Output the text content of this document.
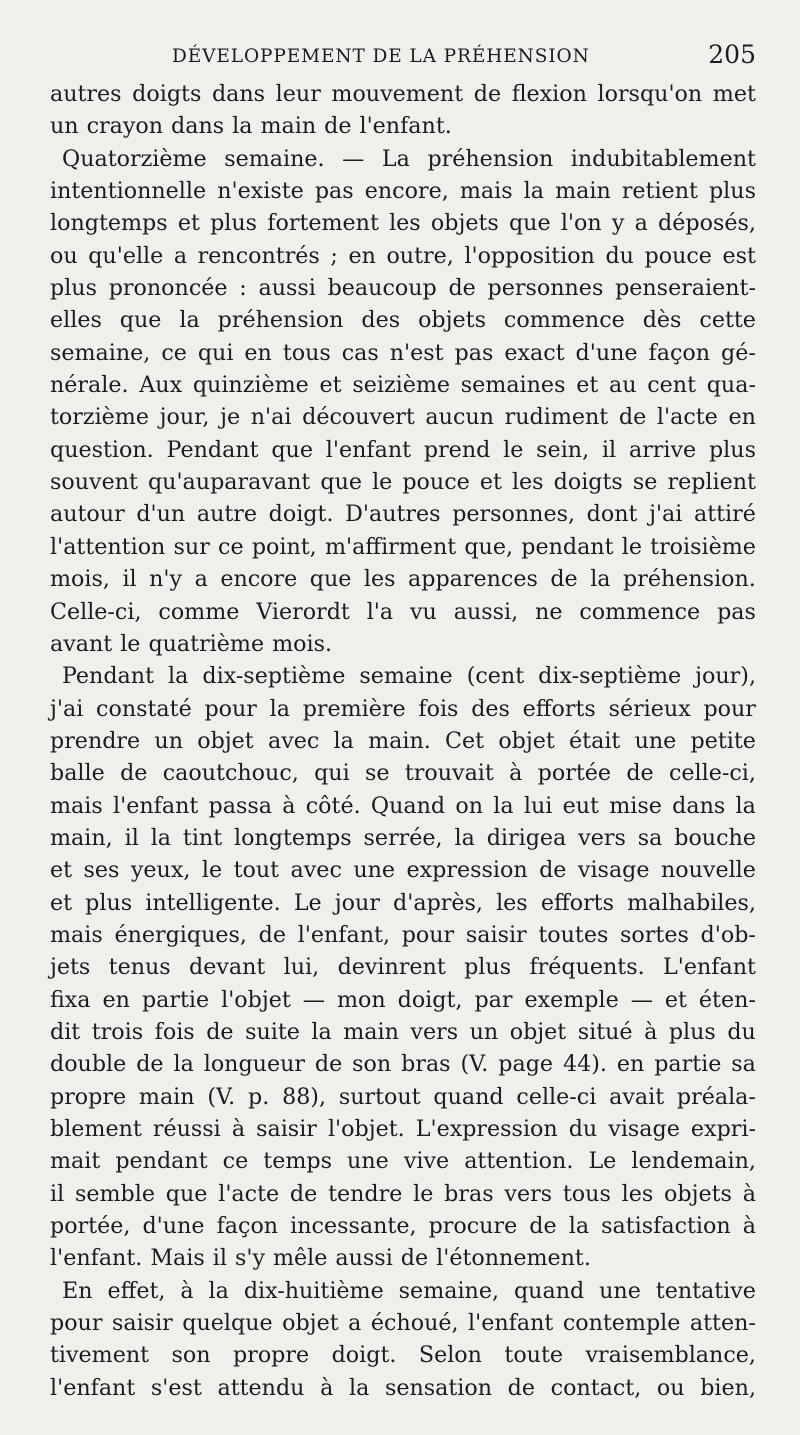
DÉVELOPPEMENT DE LA PRÉHENSION	205
autres doigts dans leur mouvement de flexion lorsqu'on met
un crayon dans la main de l'enfant.
Quatorzième semaine. — La préhension indubitablement
intentionnelle n'existe pas encore, mais la main retient plus
longtemps et plus fortement les objets que l'on y a déposés,
ou qu'elle a rencontrés ; en outre, l'opposition du pouce est
plus prononcée : aussi beaucoup de personnes penseraient-
elles que la préhension des objets commence dès cette
semaine, ce qui en tous cas n'est pas exact d'une façon gé-
nérale. Aux quinzième et seizième semaines et au cent qua-
torzième jour, je n'ai découvert aucun rudiment de l'acte en
question. Pendant que l'enfant prend le sein, il arrive plus
souvent qu'auparavant que le pouce et les doigts se replient
autour d'un autre doigt. D'autres personnes, dont j'ai attiré
l'attention sur ce point, m'affirment que, pendant le troisième
mois, il n'y a encore que les apparences de la préhension.
Celle-ci, comme Vierordt l'a vu aussi, ne commence pas
avant le quatrième mois.
Pendant la dix-septième semaine (cent dix-septième jour),
j'ai constaté pour la première fois des efforts sérieux pour
prendre un objet avec la main. Cet objet était une petite
balle de caoutchouc, qui se trouvait à portée de celle-ci,
mais l'enfant passa à côté. Quand on la lui eut mise dans la
main, il la tint longtemps serrée, la dirigea vers sa bouche
et ses yeux, le tout avec une expression de visage nouvelle
et plus intelligente. Le jour d'après, les efforts malhabiles,
mais énergiques, de l'enfant, pour saisir toutes sortes d'ob-
jets tenus devant lui, devinrent plus fréquents. L'enfant
fixa en partie l'objet — mon doigt, par exemple — et éten-
dit trois fois de suite la main vers un objet situé à plus du
double de la longueur de son bras (V. page 44). en partie sa
propre main (V. p. 88), surtout quand celle-ci avait préala-
blement réussi à saisir l'objet. L'expression du visage expri-
mait pendant ce temps une vive attention. Le lendemain,
il semble que l'acte de tendre le bras vers tous les objets à
portée, d'une façon incessante, procure de la satisfaction à
l'enfant. Mais il s'y mêle aussi de l'étonnement.
En effet, à la dix-huitième semaine, quand une tentative
pour saisir quelque objet a échoué, l'enfant contemple atten-
tivement son propre doigt. Selon toute vraisemblance,
l'enfant s'est attendu à la sensation de contact, ou bien,
